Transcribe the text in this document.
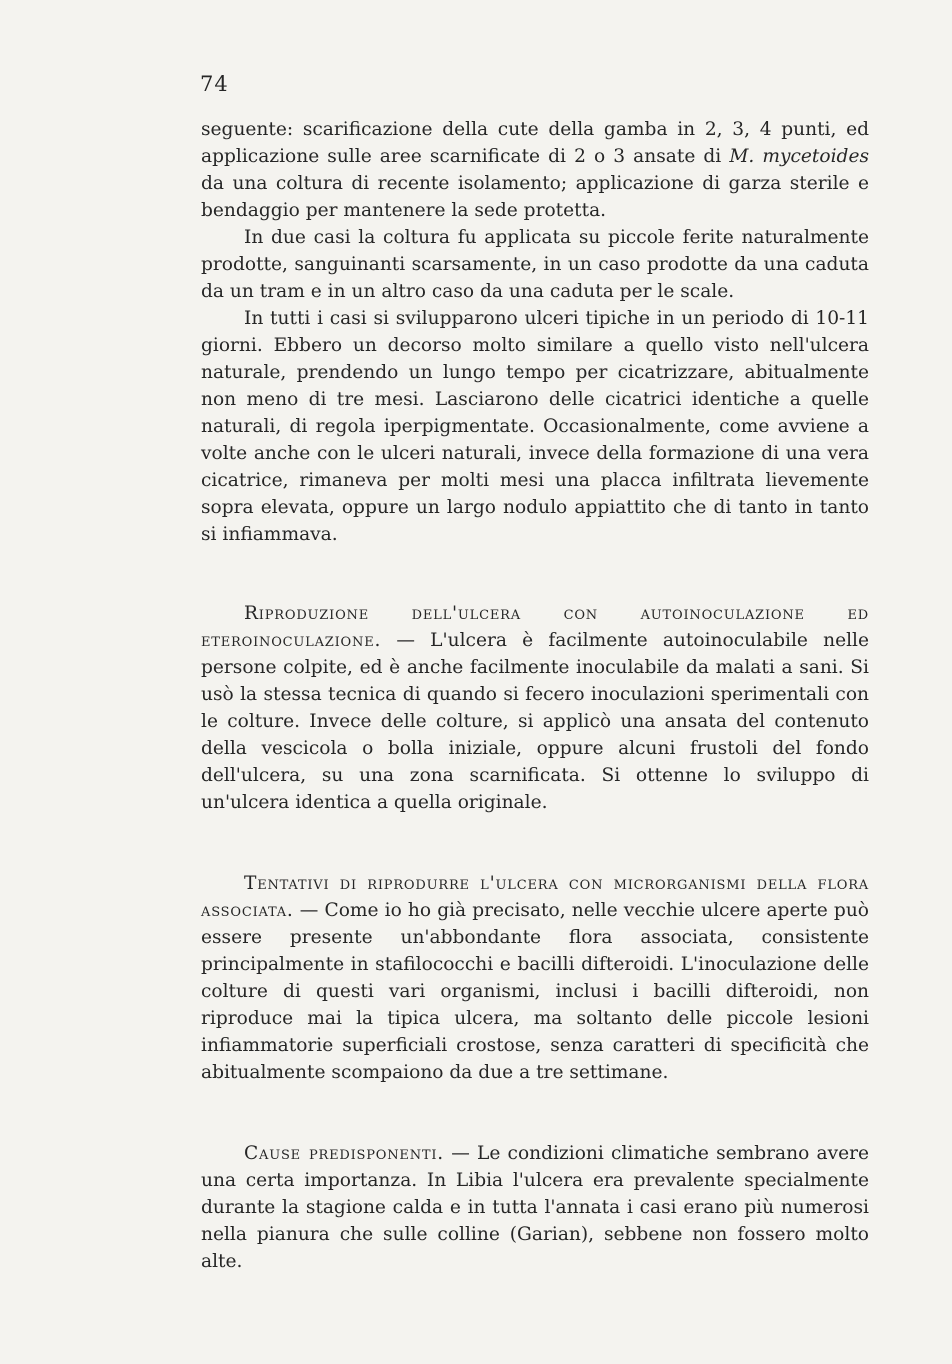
74

seguente: scarificazione della cute della gamba in 2, 3, 4 punti, ed applicazione sulle aree scarnificate di 2 o 3 ansate di M. mycetoides da una coltura di recente isolamento; applicazione di garza sterile e bendaggio per mantenere la sede protetta.

In due casi la coltura fu applicata su piccole ferite naturalmente prodotte, sanguinanti scarsamente, in un caso prodotte da una caduta da un tram e in un altro caso da una caduta per le scale.

In tutti i casi si svilupparono ulceri tipiche in un periodo di 10-11 giorni. Ebbero un decorso molto similare a quello visto nell'ulcera naturale, prendendo un lungo tempo per cicatrizzare, abitualmente non meno di tre mesi. Lasciarono delle cicatrici identiche a quelle naturali, di regola iperpigmentate. Occasionalmente, come avviene a volte anche con le ulceri naturali, invece della formazione di una vera cicatrice, rimaneva per molti mesi una placca infiltrata lievemente sopra elevata, oppure un largo nodulo appiattito che di tanto in tanto si infiammava.

Riproduzione dell'ulcera con autoinoculazione ed eteroinoculazione. — L'ulcera è facilmente autoinoculabile nelle persone colpite, ed è anche facilmente inoculabile da malati a sani. Si usò la stessa tecnica di quando si fecero inoculazioni sperimentali con le colture. Invece delle colture, si applicò una ansata del contenuto della vescicola o bolla iniziale, oppure alcuni frustoli del fondo dell'ulcera, su una zona scarnificata. Si ottenne lo sviluppo di un'ulcera identica a quella originale.

Tentativi di riprodurre l'ulcera con microrganismi della flora associata. — Come io ho già precisato, nelle vecchie ulcere aperte può essere presente un'abbondante flora associata, consistente principalmente in stafilococchi e bacilli difteroidi. L'inoculazione delle colture di questi vari organismi, inclusi i bacilli difteroidi, non riproduce mai la tipica ulcera, ma soltanto delle piccole lesioni infiammatorie superficiali crostose, senza caratteri di specificità che abitualmente scompaiono da due a tre settimane.

Cause predisponenti. — Le condizioni climatiche sembrano avere una certa importanza. In Libia l'ulcera era prevalente specialmente durante la stagione calda e in tutta l'annata i casi erano più numerosi nella pianura che sulle colline (Garian), sebbene non fossero molto alte.
